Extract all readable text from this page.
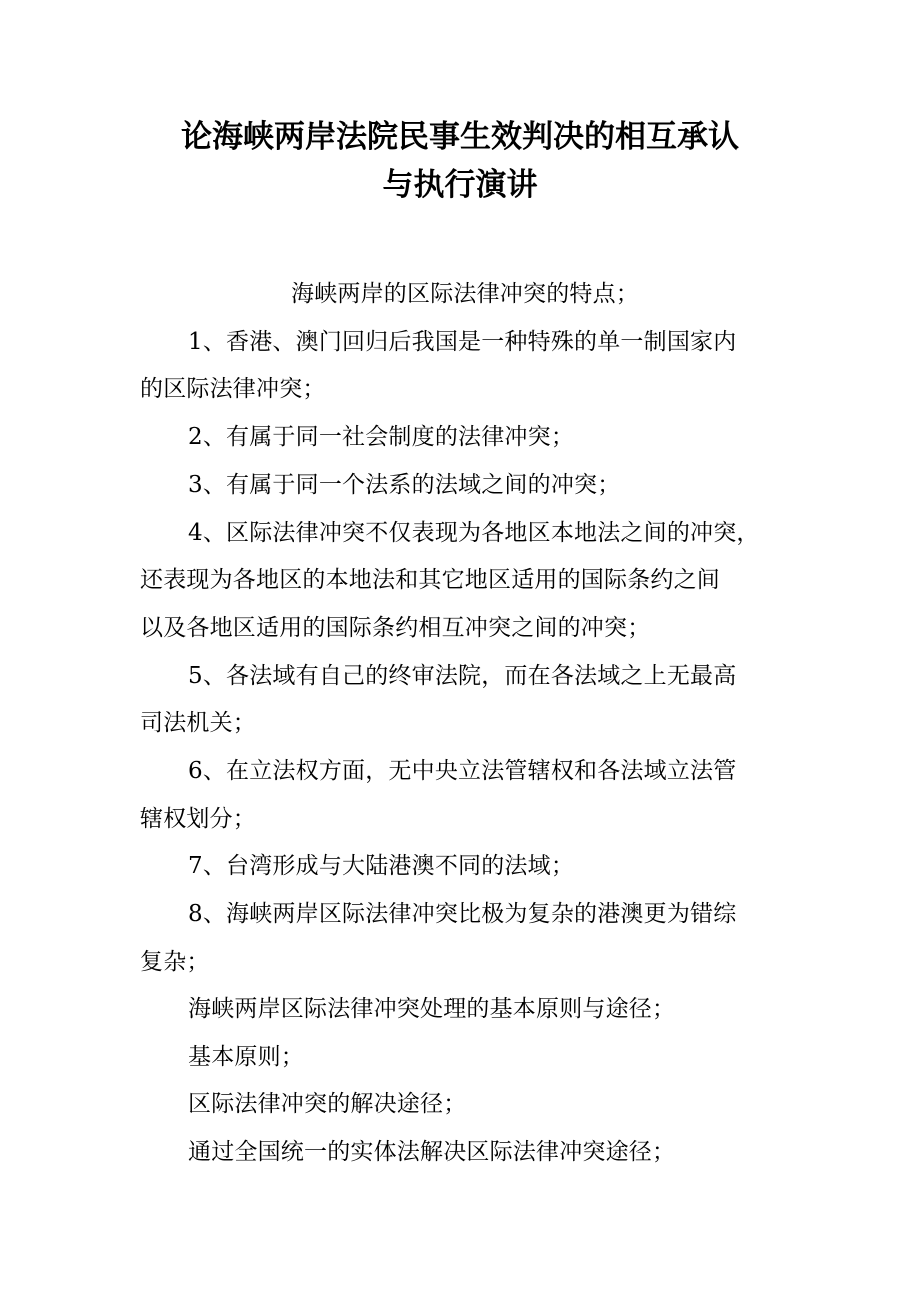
论海峡两岸法院民事生效判决的相互承认
与执行演讲

海峡两岸的区际法律冲突的特点；

1、香港、澳门回归后我国是一种特殊的单一制国家内

的区际法律冲突；

2、有属于同一社会制度的法律冲突；

3、有属于同一个法系的法域之间的冲突；

4、区际法律冲突不仅表现为各地区本地法之间的冲突，

还表现为各地区的本地法和其它地区适用的国际条约之间

以及各地区适用的国际条约相互冲突之间的冲突；

5、各法域有自己的终审法院，而在各法域之上无最高

司法机关；

6、在立法权方面，无中央立法管辖权和各法域立法管

辖权划分；

7、台湾形成与大陆港澳不同的法域；

8、海峡两岸区际法律冲突比极为复杂的港澳更为错综

复杂；

海峡两岸区际法律冲突处理的基本原则与途径；

基本原则；

区际法律冲突的解决途径；

通过全国统一的实体法解决区际法律冲突途径；
